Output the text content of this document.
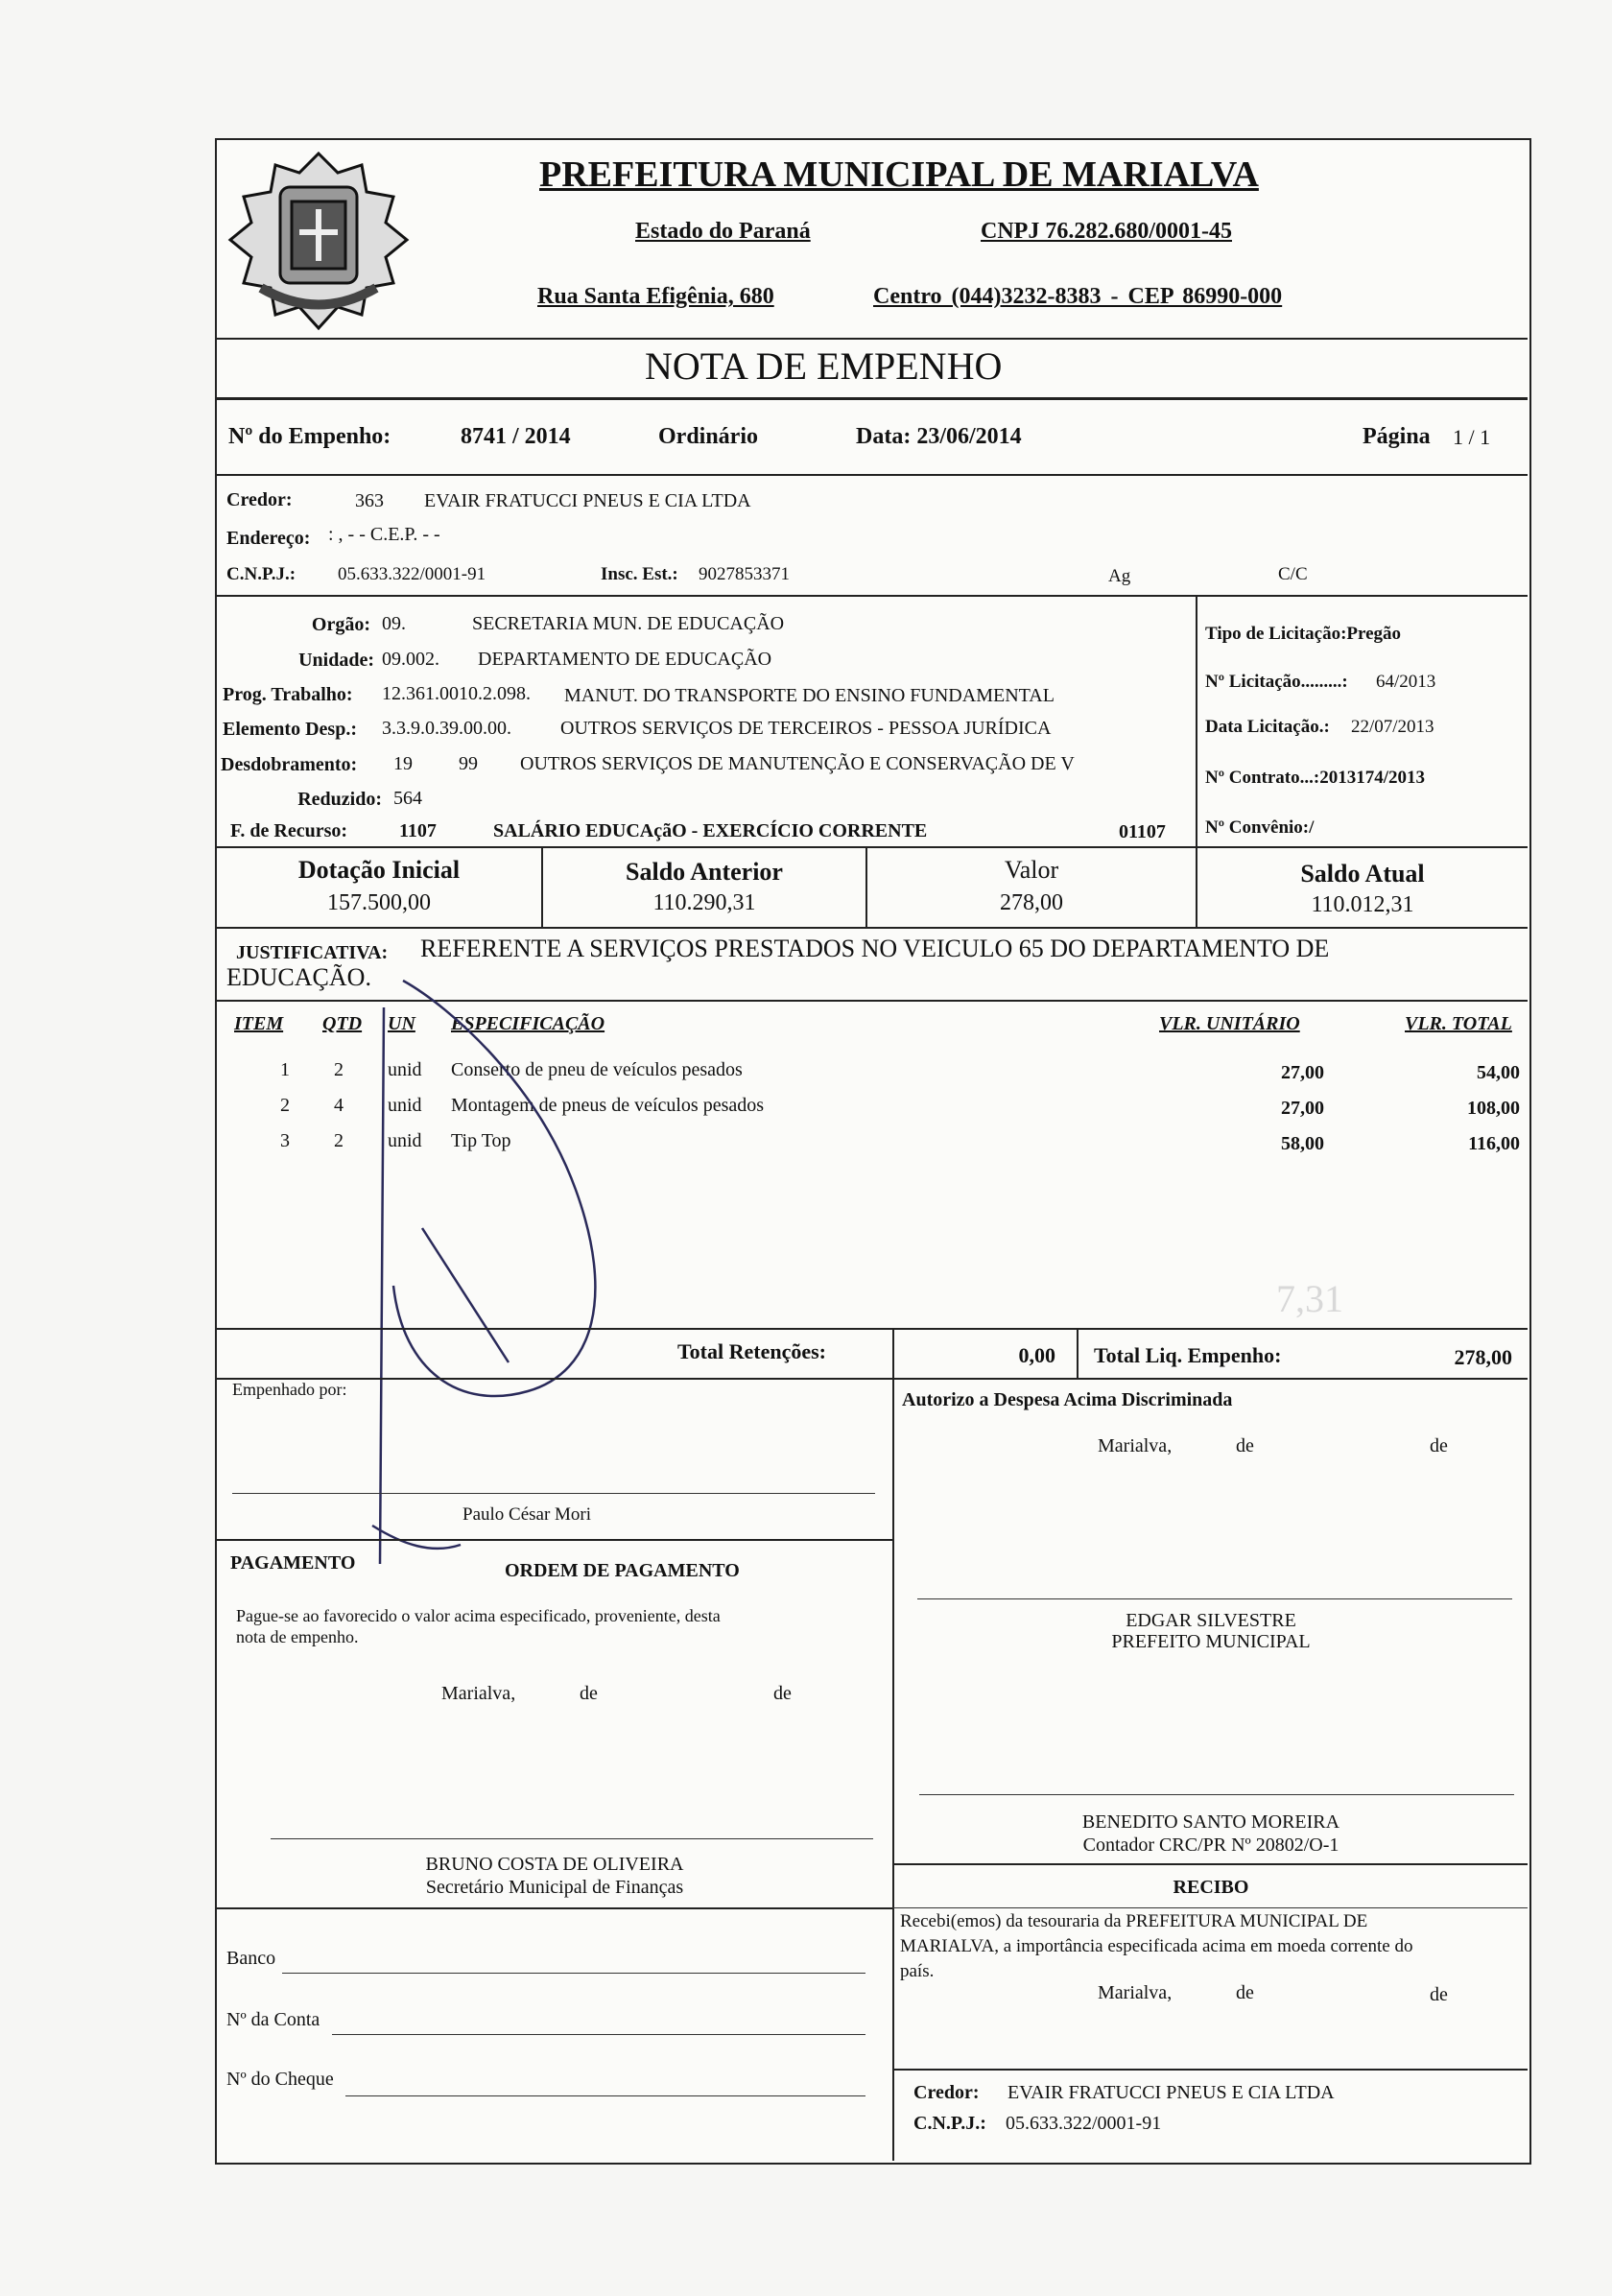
PREFEITURA MUNICIPAL DE MARIALVA
Estado do Paraná	CNPJ 76.282.680/0001-45
Rua Santa Efigênia, 680	Centro (044)3232-8383 - CEP 86990-000
NOTA DE EMPENHO
Nº do Empenho:	8741 / 2014	Ordinário	Data: 23/06/2014	Página 1 / 1
Credor:	363 EVAIR FRATUCCI PNEUS E CIA LTDA
Endereço: : , - - C.E.P. - -
C.N.P.J.: 05.633.322/0001-91	Insc. Est.: 9027853371	Ag	C/C
Orgão: 09.	SECRETARIA MUN. DE EDUCAÇÃO
Unidade: 09.002. DEPARTAMENTO DE EDUCAÇÃO
Prog. Trabalho: 12.361.0010.2.098. MANUT. DO TRANSPORTE DO ENSINO FUNDAMENTAL
Elemento Desp.: 3.3.9.0.39.00.00.	OUTROS SERVIÇOS DE TERCEIROS - PESSOA JURÍDICA
Desdobramento: 19 99 OUTROS SERVIÇOS DE MANUTENÇÃO E CONSERVAÇÃO DE V
Reduzido: 564
F. de Recurso:	1107	SALÁRIO EDUCAçãO - EXERCÍCIO CORRENTE	01107
Tipo de Licitação:Pregão
Nº Licitação.........: 64/2013
Data Licitação.: 22/07/2013
Nº Contrato...:2013174/2013
Nº Convênio:/
Dotação Inicial
157.500,00
Saldo Anterior
110.290,31
Valor
278,00
Saldo Atual
110.012,31
JUSTIFICATIVA: REFERENTE A SERVIÇOS PRESTADOS NO VEICULO 65 DO DEPARTAMENTO DE
EDUCAÇÃO.
ITEM QTD UN ESPECIFICAÇÃO	VLR. UNITÁRIO	VLR. TOTAL
1	2 unid Conserto de pneu de veículos pesados	27,00	54,00
2	4 unid Montagem de pneus de veículos pesados	27,00	108,00
3	2 unid Tip Top	58,00	116,00
7,31
Total Retenções:	0,00 Total Liq. Empenho:	278,00
Empenhado por:
Paulo César Mori
Autorizo a Despesa Acima Discriminada
Marialva,	de	de
EDGAR SILVESTRE
PREFEITO MUNICIPAL
PAGAMENTO	ORDEM DE PAGAMENTO
Pague-se ao favorecido o valor acima especificado, proveniente, desta
nota de empenho.
Marialva,	de	de
BENEDITO SANTO MOREIRA
Contador CRC/PR Nº 20802/O-1
BRUNO COSTA DE OLIVEIRA
Secretário Municipal de Finanças	RECIBO
Recebi(emos) da tesouraria da PREFEITURA MUNICIPAL DE
MARIALVA, a importância especificada acima em moeda corrente do
país.
Marialva,	de	de
Banco
Nº da Conta
Nº do Cheque
Credor: EVAIR FRATUCCI PNEUS E CIA LTDA
C.N.P.J.: 05.633.322/0001-91
